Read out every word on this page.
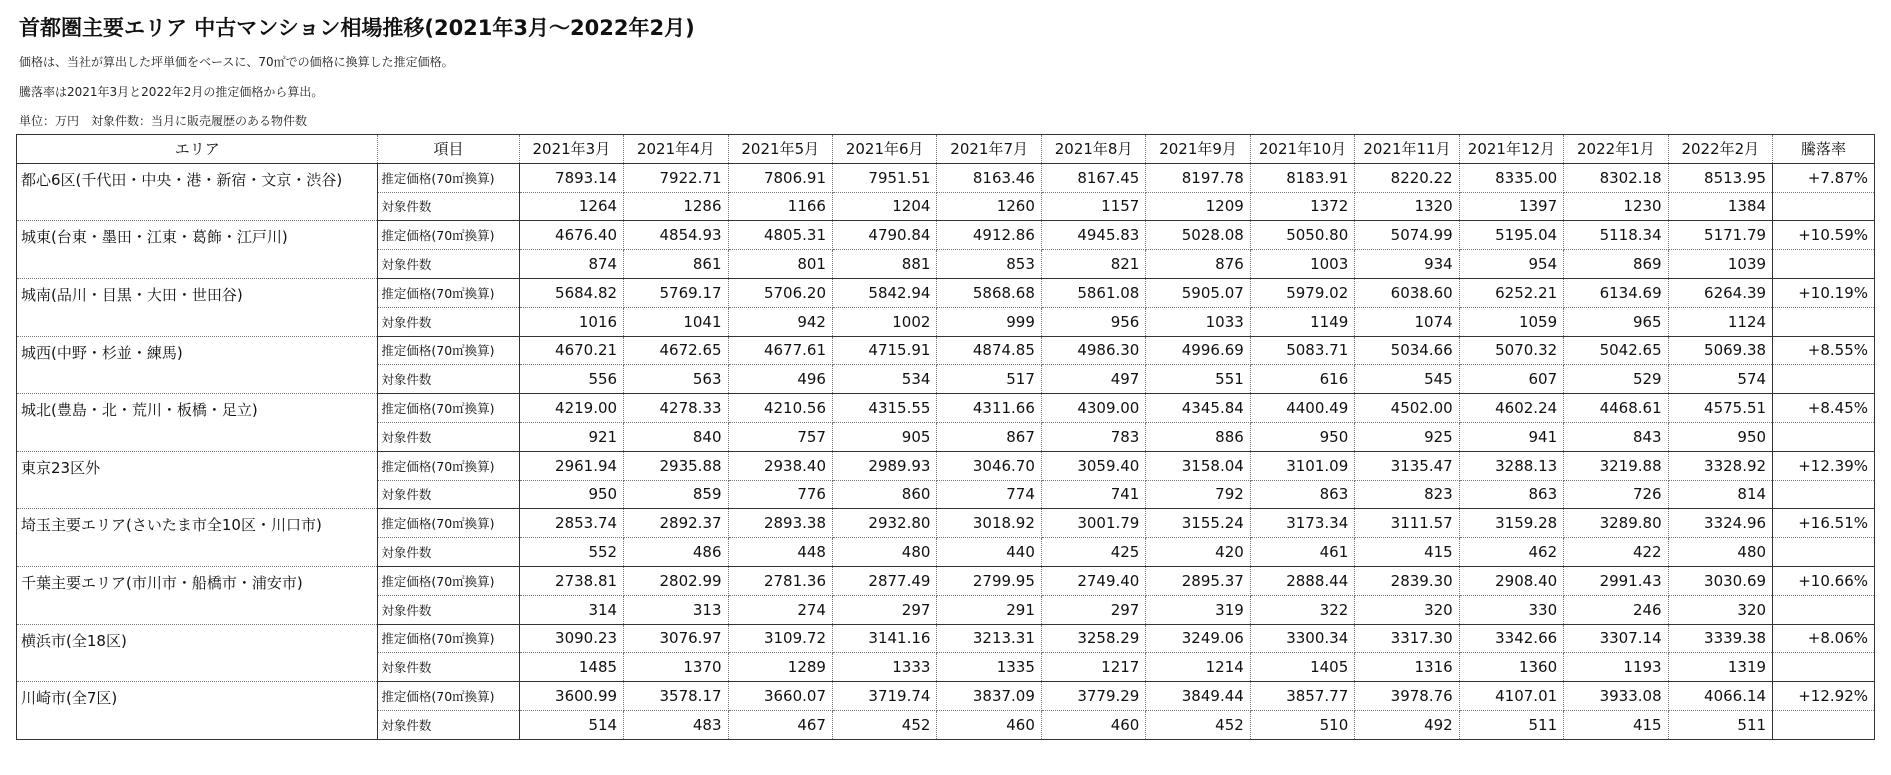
首都圏主要エリア 中古マンション相場推移(2021年3月～2022年2月)
価格は、当社が算出した坪単価をベースに、70㎡での価格に換算した推定価格。
騰落率は2021年3月と2022年2月の推定価格から算出。
単位：万円　対象件数：当月に販売履歴のある物件数
エリア	項目	2021年3月	2021年4月	2021年5月	2021年6月	2021年7月	2021年8月	2021年9月	2021年10月	2021年11月	2021年12月	2022年1月	2022年2月	騰落率
都心6区(千代田・中央・港・新宿・文京・渋谷)	推定価格(70㎡換算)	7893.14	7922.71	7806.91	7951.51	8163.46	8167.45	8197.78	8183.91	8220.22	8335.00	8302.18	8513.95	+7.87%
	対象件数	1264	1286	1166	1204	1260	1157	1209	1372	1320	1397	1230	1384	
城東(台東・墨田・江東・葛飾・江戸川)	推定価格(70㎡換算)	4676.40	4854.93	4805.31	4790.84	4912.86	4945.83	5028.08	5050.80	5074.99	5195.04	5118.34	5171.79	+10.59%
	対象件数	874	861	801	881	853	821	876	1003	934	954	869	1039	
城南(品川・目黒・大田・世田谷)	推定価格(70㎡換算)	5684.82	5769.17	5706.20	5842.94	5868.68	5861.08	5905.07	5979.02	6038.60	6252.21	6134.69	6264.39	+10.19%
	対象件数	1016	1041	942	1002	999	956	1033	1149	1074	1059	965	1124	
城西(中野・杉並・練馬)	推定価格(70㎡換算)	4670.21	4672.65	4677.61	4715.91	4874.85	4986.30	4996.69	5083.71	5034.66	5070.32	5042.65	5069.38	+8.55%
	対象件数	556	563	496	534	517	497	551	616	545	607	529	574	
城北(豊島・北・荒川・板橋・足立)	推定価格(70㎡換算)	4219.00	4278.33	4210.56	4315.55	4311.66	4309.00	4345.84	4400.49	4502.00	4602.24	4468.61	4575.51	+8.45%
	対象件数	921	840	757	905	867	783	886	950	925	941	843	950	
東京23区外	推定価格(70㎡換算)	2961.94	2935.88	2938.40	2989.93	3046.70	3059.40	3158.04	3101.09	3135.47	3288.13	3219.88	3328.92	+12.39%
	対象件数	950	859	776	860	774	741	792	863	823	863	726	814	
埼玉主要エリア(さいたま市全10区・川口市)	推定価格(70㎡換算)	2853.74	2892.37	2893.38	2932.80	3018.92	3001.79	3155.24	3173.34	3111.57	3159.28	3289.80	3324.96	+16.51%
	対象件数	552	486	448	480	440	425	420	461	415	462	422	480	
千葉主要エリア(市川市・船橋市・浦安市)	推定価格(70㎡換算)	2738.81	2802.99	2781.36	2877.49	2799.95	2749.40	2895.37	2888.44	2839.30	2908.40	2991.43	3030.69	+10.66%
	対象件数	314	313	274	297	291	297	319	322	320	330	246	320	
横浜市(全18区)	推定価格(70㎡換算)	3090.23	3076.97	3109.72	3141.16	3213.31	3258.29	3249.06	3300.34	3317.30	3342.66	3307.14	3339.38	+8.06%
	対象件数	1485	1370	1289	1333	1335	1217	1214	1405	1316	1360	1193	1319	
川崎市(全7区)	推定価格(70㎡換算)	3600.99	3578.17	3660.07	3719.74	3837.09	3779.29	3849.44	3857.77	3978.76	4107.01	3933.08	4066.14	+12.92%
	対象件数	514	483	467	452	460	460	452	510	492	511	415	511	
